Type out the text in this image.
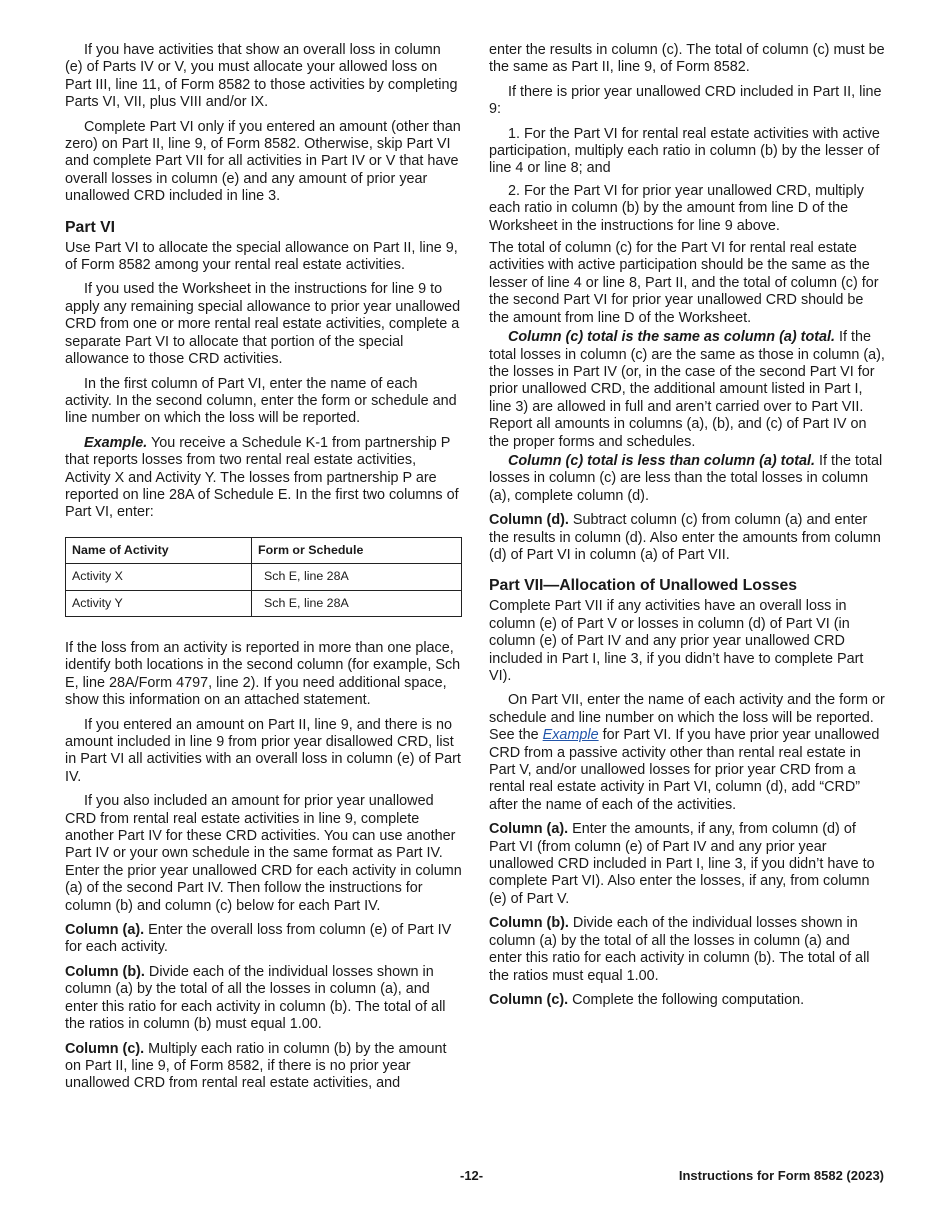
If you have activities that show an overall loss in column (e) of Parts IV or V, you must allocate your allowed loss on Part III, line 11, of Form 8582 to those activities by completing Parts VI, VII, plus VIII and/or IX.

Complete Part VI only if you entered an amount (other than zero) on Part II, line 9, of Form 8582. Otherwise, skip Part VI and complete Part VII for all activities in Part IV or V that have overall losses in column (e) and any amount of prior year unallowed CRD included in line 3.

Part VI

Use Part VI to allocate the special allowance on Part II, line 9, of Form 8582 among your rental real estate activities.

If you used the Worksheet in the instructions for line 9 to apply any remaining special allowance to prior year unallowed CRD from one or more rental real estate activities, complete a separate Part VI to allocate that portion of the special allowance to those CRD activities.

In the first column of Part VI, enter the name of each activity. In the second column, enter the form or schedule and line number on which the loss will be reported.

Example. You receive a Schedule K-1 from partnership P that reports losses from two rental real estate activities, Activity X and Activity Y. The losses from partnership P are reported on line 28A of Schedule E. In the first two columns of Part VI, enter:

Name of Activity	Form or Schedule
Activity X	Sch E, line 28A
Activity Y	Sch E, line 28A

If the loss from an activity is reported in more than one place, identify both locations in the second column (for example, Sch E, line 28A/Form 4797, line 2). If you need additional space, show this information on an attached statement.

If you entered an amount on Part II, line 9, and there is no amount included in line 9 from prior year disallowed CRD, list in Part VI all activities with an overall loss in column (e) of Part IV.

If you also included an amount for prior year unallowed CRD from rental real estate activities in line 9, complete another Part IV for these CRD activities. You can use another Part IV or your own schedule in the same format as Part IV. Enter the prior year unallowed CRD for each activity in column (a) of the second Part IV. Then follow the instructions for column (b) and column (c) below for each Part IV.

Column (a). Enter the overall loss from column (e) of Part IV for each activity.

Column (b). Divide each of the individual losses shown in column (a) by the total of all the losses in column (a), and enter this ratio for each activity in column (b). The total of all the ratios in column (b) must equal 1.00.

Column (c). Multiply each ratio in column (b) by the amount on Part II, line 9, of Form 8582, if there is no prior year unallowed CRD from rental real estate activities, and

enter the results in column (c). The total of column (c) must be the same as Part II, line 9, of Form 8582.

If there is prior year unallowed CRD included in Part II, line 9:

1. For the Part VI for rental real estate activities with active participation, multiply each ratio in column (b) by the lesser of line 4 or line 8; and

2. For the Part VI for prior year unallowed CRD, multiply each ratio in column (b) by the amount from line D of the Worksheet in the instructions for line 9 above.

The total of column (c) for the Part VI for rental real estate activities with active participation should be the same as the lesser of line 4 or line 8, Part II, and the total of column (c) for the second Part VI for prior year unallowed CRD should be the amount from line D of the Worksheet.

Column (c) total is the same as column (a) total. If the total losses in column (c) are the same as those in column (a), the losses in Part IV (or, in the case of the second Part VI for prior unallowed CRD, the additional amount listed in Part I, line 3) are allowed in full and aren’t carried over to Part VII. Report all amounts in columns (a), (b), and (c) of Part IV on the proper forms and schedules.

Column (c) total is less than column (a) total. If the total losses in column (c) are less than the total losses in column (a), complete column (d).

Column (d). Subtract column (c) from column (a) and enter the results in column (d). Also enter the amounts from column (d) of Part VI in column (a) of Part VII.

Part VII—Allocation of Unallowed Losses

Complete Part VII if any activities have an overall loss in column (e) of Part V or losses in column (d) of Part VI (in column (e) of Part IV and any prior year unallowed CRD included in Part I, line 3, if you didn’t have to complete Part VI).

On Part VII, enter the name of each activity and the form or schedule and line number on which the loss will be reported. See the Example for Part VI. If you have prior year unallowed CRD from a passive activity other than rental real estate in Part V, and/or unallowed losses for prior year CRD from a rental real estate activity in Part VI, column (d), add “CRD” after the name of each of the activities.

Column (a). Enter the amounts, if any, from column (d) of Part VI (from column (e) of Part IV and any prior year unallowed CRD included in Part I, line 3, if you didn’t have to complete Part VI). Also enter the losses, if any, from column (e) of Part V.

Column (b). Divide each of the individual losses shown in column (a) by the total of all the losses in column (a) and enter this ratio for each activity in column (b). The total of all the ratios must equal 1.00.

Column (c). Complete the following computation.

-12-	Instructions for Form 8582 (2023)
